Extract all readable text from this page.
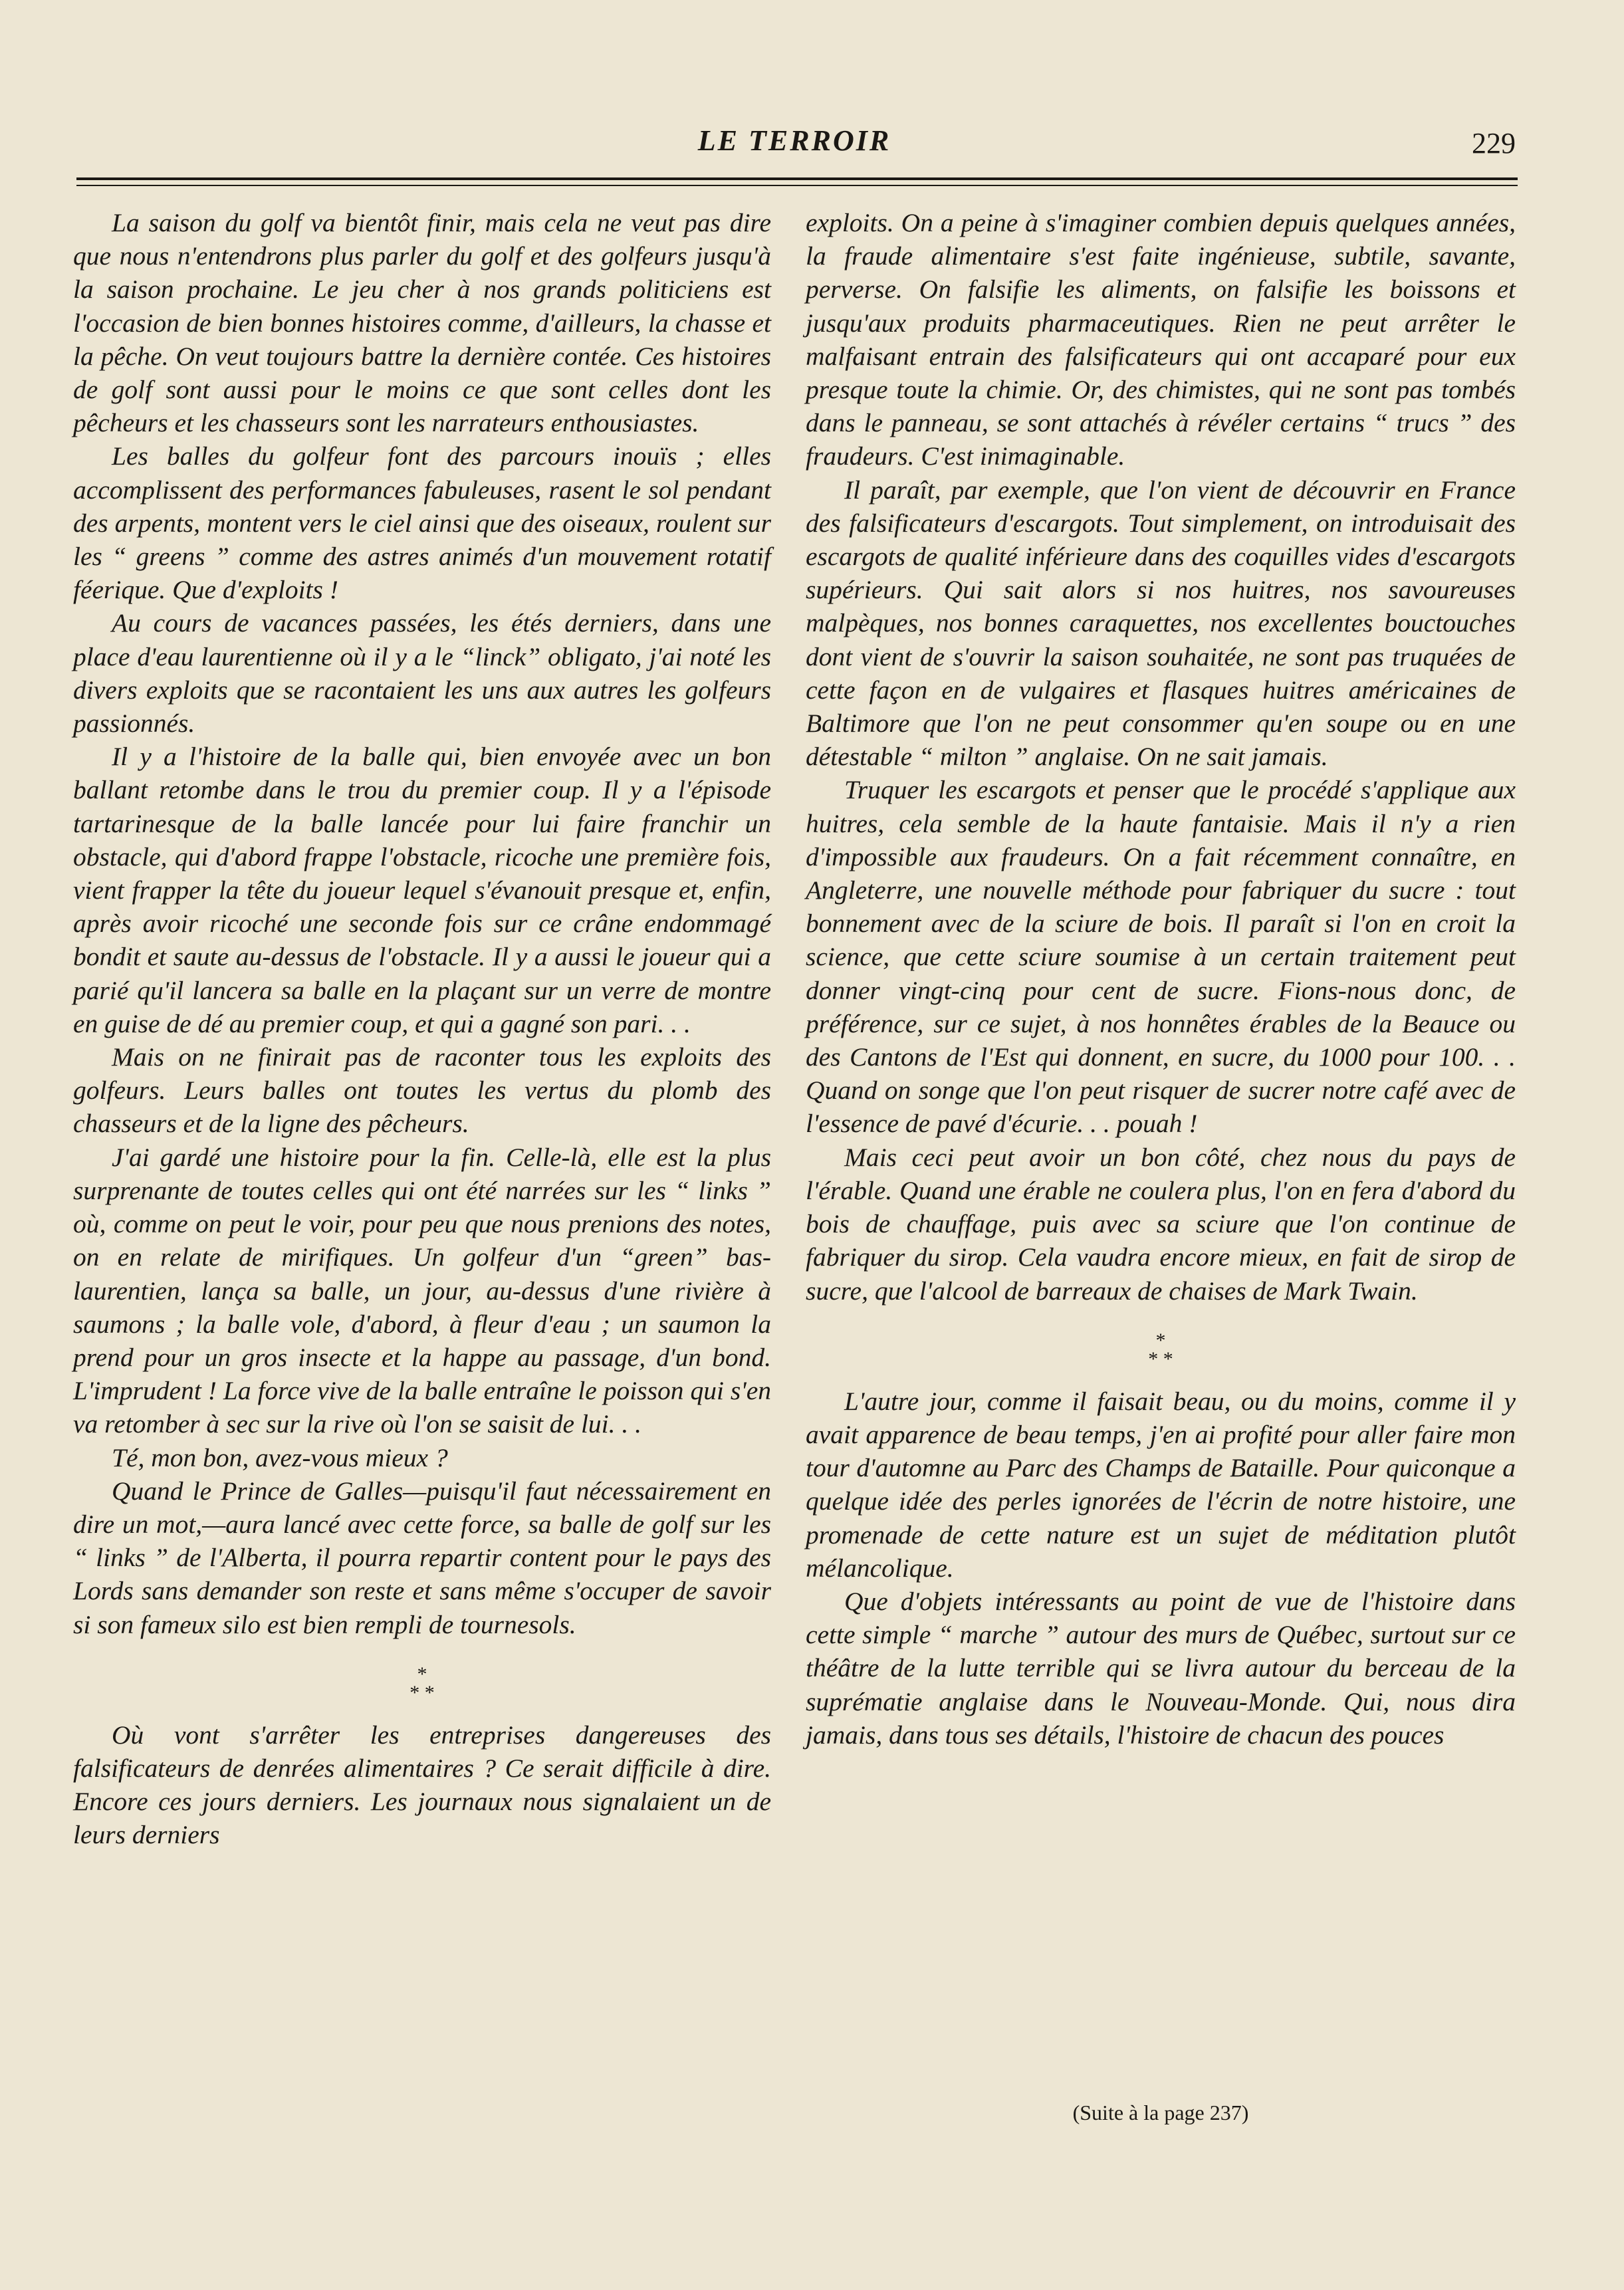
LE TERROIR	229

La saison du golf va bientôt finir, mais cela ne veut pas dire que nous n'entendrons plus parler du golf et des golfeurs jusqu'à la saison prochaine. Le jeu cher à nos grands politiciens est l'occasion de bien bonnes histoires comme, d'ailleurs, la chasse et la pêche. On veut toujours battre la dernière contée. Ces histoires de golf sont aussi pour le moins ce que sont celles dont les pêcheurs et les chasseurs sont les narrateurs enthousiastes.

Les balles du golfeur font des parcours inouïs ; elles accomplissent des performances fabuleuses, rasent le sol pendant des arpents, montent vers le ciel ainsi que des oiseaux, roulent sur les “ greens ” comme des astres animés d'un mouvement rotatif féerique. Que d'exploits !

Au cours de vacances passées, les étés derniers, dans une place d'eau laurentienne où il y a le “linck” obligato, j'ai noté les divers exploits que se racontaient les uns aux autres les golfeurs passionnés.

Il y a l'histoire de la balle qui, bien envoyée avec un bon ballant retombe dans le trou du premier coup. Il y a l'épisode tartarinesque de la balle lancée pour lui faire franchir un obstacle, qui d'abord frappe l'obstacle, ricoche une première fois, vient frapper la tête du joueur lequel s'évanouit presque et, enfin, après avoir ricoché une seconde fois sur ce crâne endommagé bondit et saute au-dessus de l'obstacle. Il y a aussi le joueur qui a parié qu'il lancera sa balle en la plaçant sur un verre de montre en guise de dé au premier coup, et qui a gagné son pari. . .

Mais on ne finirait pas de raconter tous les exploits des golfeurs. Leurs balles ont toutes les vertus du plomb des chasseurs et de la ligne des pêcheurs.

J'ai gardé une histoire pour la fin. Celle-là, elle est la plus surprenante de toutes celles qui ont été narrées sur les “ links ” où, comme on peut le voir, pour peu que nous prenions des notes, on en relate de mirifiques. Un golfeur d'un “green” bas-laurentien, lança sa balle, un jour, au-dessus d'une rivière à saumons ; la balle vole, d'abord, à fleur d'eau ; un saumon la prend pour un gros insecte et la happe au passage, d'un bond. L'imprudent ! La force vive de la balle entraîne le poisson qui s'en va retomber à sec sur la rive où l'on se saisit de lui. . .

Té, mon bon, avez-vous mieux ?

Quand le Prince de Galles—puisqu'il faut nécessairement en dire un mot,—aura lancé avec cette force, sa balle de golf sur les “ links ” de l'Alberta, il pourra repartir content pour le pays des Lords sans demander son reste et sans même s'occuper de savoir si son fameux silo est bien rempli de tournesols.

*
* *

Où vont s'arrêter les entreprises dangereuses des falsificateurs de denrées alimentaires ? Ce serait difficile à dire. Encore ces jours derniers. Les journaux nous signalaient un de leurs derniers

exploits. On a peine à s'imaginer combien depuis quelques années, la fraude alimentaire s'est faite ingénieuse, subtile, savante, perverse. On falsifie les aliments, on falsifie les boissons et jusqu'aux produits pharmaceutiques. Rien ne peut arrêter le malfaisant entrain des falsificateurs qui ont accaparé pour eux presque toute la chimie. Or, des chimistes, qui ne sont pas tombés dans le panneau, se sont attachés à révéler certains “ trucs ” des fraudeurs. C'est inimaginable.

Il paraît, par exemple, que l'on vient de découvrir en France des falsificateurs d'escargots. Tout simplement, on introduisait des escargots de qualité inférieure dans des coquilles vides d'escargots supérieurs. Qui sait alors si nos huitres, nos savoureuses malpèques, nos bonnes caraquettes, nos excellentes bouctouches dont vient de s'ouvrir la saison souhaitée, ne sont pas truquées de cette façon en de vulgaires et flasques huitres américaines de Baltimore que l'on ne peut consommer qu'en soupe ou en une détestable “ milton ” anglaise. On ne sait jamais.

Truquer les escargots et penser que le procédé s'applique aux huitres, cela semble de la haute fantaisie. Mais il n'y a rien d'impossible aux fraudeurs. On a fait récemment connaître, en Angleterre, une nouvelle méthode pour fabriquer du sucre : tout bonnement avec de la sciure de bois. Il paraît si l'on en croit la science, que cette sciure soumise à un certain traitement peut donner vingt-cinq pour cent de sucre. Fions-nous donc, de préférence, sur ce sujet, à nos honnêtes érables de la Beauce ou des Cantons de l'Est qui donnent, en sucre, du 1000 pour 100. . . Quand on songe que l'on peut risquer de sucrer notre café avec de l'essence de pavé d'écurie. . . pouah !

Mais ceci peut avoir un bon côté, chez nous du pays de l'érable. Quand une érable ne coulera plus, l'on en fera d'abord du bois de chauffage, puis avec sa sciure que l'on continue de fabriquer du sirop. Cela vaudra encore mieux, en fait de sirop de sucre, que l'alcool de barreaux de chaises de Mark Twain.

*
* *

L'autre jour, comme il faisait beau, ou du moins, comme il y avait apparence de beau temps, j'en ai profité pour aller faire mon tour d'automne au Parc des Champs de Bataille. Pour quiconque a quelque idée des perles ignorées de l'écrin de notre histoire, une promenade de cette nature est un sujet de méditation plutôt mélancolique.

Que d'objets intéressants au point de vue de l'histoire dans cette simple “ marche ” autour des murs de Québec, surtout sur ce théâtre de la lutte terrible qui se livra autour du berceau de la suprématie anglaise dans le Nouveau-Monde. Qui, nous dira jamais, dans tous ses détails, l'histoire de chacun des pouces

(Suite à la page 237)
